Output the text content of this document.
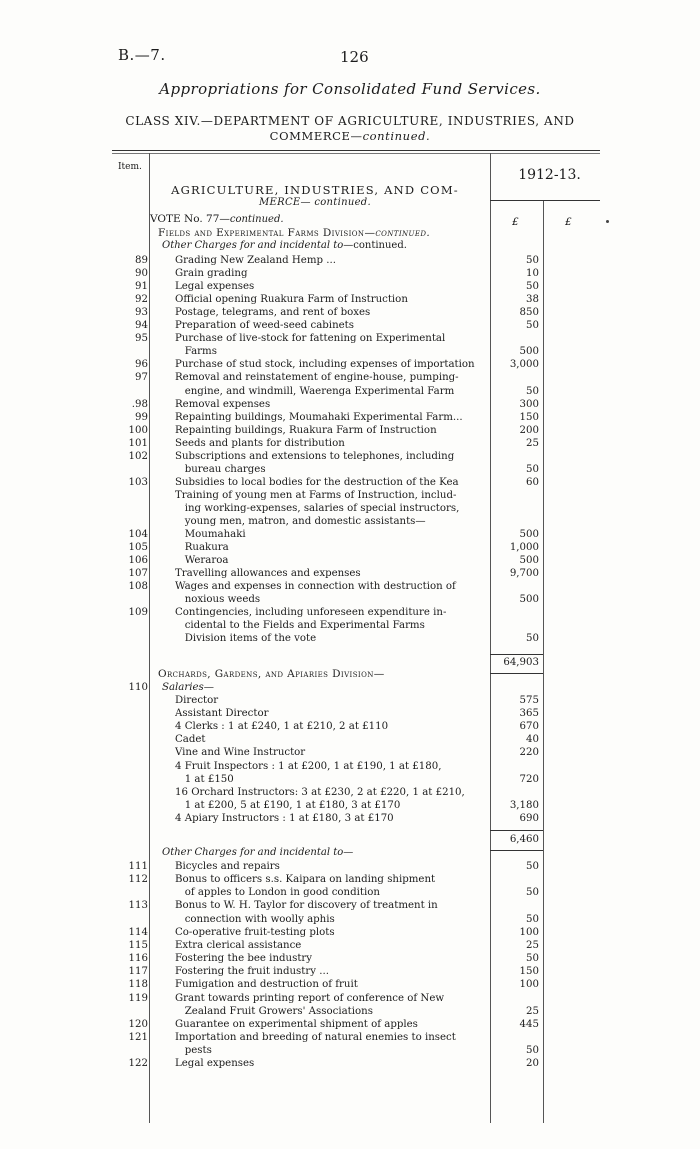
B.—7.	126
Appropriations for Consolidated Fund Services.
CLASS XIV.—DEPARTMENT OF AGRICULTURE, INDUSTRIES, AND
COMMERCE—continued.
Item.	1912-13.
AGRICULTURE, INDUSTRIES, AND COM-
MERCE— continued.
VOTE No. 77—continued.	£	£
Fields and Experimental Farms Division—continued.
Other Charges for and incidental to—continued.
89	Grading New Zealand Hemp ...	50
90	Grain grading	10
91	Legal expenses	50
92	Official opening Ruakura Farm of Instruction	38
93	Postage, telegrams, and rent of boxes	850
94	Preparation of weed-seed cabinets	50
95	Purchase of live-stock for fattening on Experimental
Farms	500
96	Purchase of stud stock, including expenses of importation	3,000
97	Removal and reinstatement of engine-house, pumping-
engine, and windmill, Waerenga Experimental Farm	50
.98	Removal expenses	300
99	Repainting buildings, Moumahaki Experimental Farm...	150
100	Repainting buildings, Ruakura Farm of Instruction	200
101	Seeds and plants for distribution	25
102	Subscriptions and extensions to telephones, including
bureau charges	50
103	Subsidies to local bodies for the destruction of the Kea	60
Training of young men at Farms of Instruction, includ-
ing working-expenses, salaries of special instructors,
young men, matron, and domestic assistants—
104	Moumahaki	500
105	Ruakura	1,000
106	Weraroa	500
107	Travelling allowances and expenses	9,700
108	Wages and expenses in connection with destruction of
noxious weeds	500
109	Contingencies, including unforeseen expenditure in-
cidental to the Fields and Experimental Farms
Division items of the vote	50
64,903
Orchards, Gardens, and Apiaries Division—
110 Salaries—
Director	575
Assistant Director	365
4 Clerks : 1 at £240, 1 at £210, 2 at £110	670
Cadet	40
Vine and Wine Instructor	220
4 Fruit Inspectors : 1 at £200, 1 at £190, 1 at £180,
1 at £150	720
16 Orchard Instructors: 3 at £230, 2 at £220, 1 at £210,
1 at £200, 5 at £190, 1 at £180, 3 at £170	3,180
4 Apiary Instructors : 1 at £180, 3 at £170	690
6,460
Other Charges for and incidental to—
111	Bicycles and repairs	50
112	Bonus to officers s.s. Kaipara on landing shipment
of apples to London in good condition	50
113	Bonus to W. H. Taylor for discovery of treatment in
connection with woolly aphis	50
114	Co-operative fruit-testing plots	100
115	Extra clerical assistance	25
116	Fostering the bee industry	50
117	Fostering the fruit industry ...	150
118	Fumigation and destruction of fruit	100
119	Grant towards printing report of conference of New
Zealand Fruit Growers' Associations	25
120	Guarantee on experimental shipment of apples	445
121	Importation and breeding of natural enemies to insect
pests	50
122	Legal expenses	20
